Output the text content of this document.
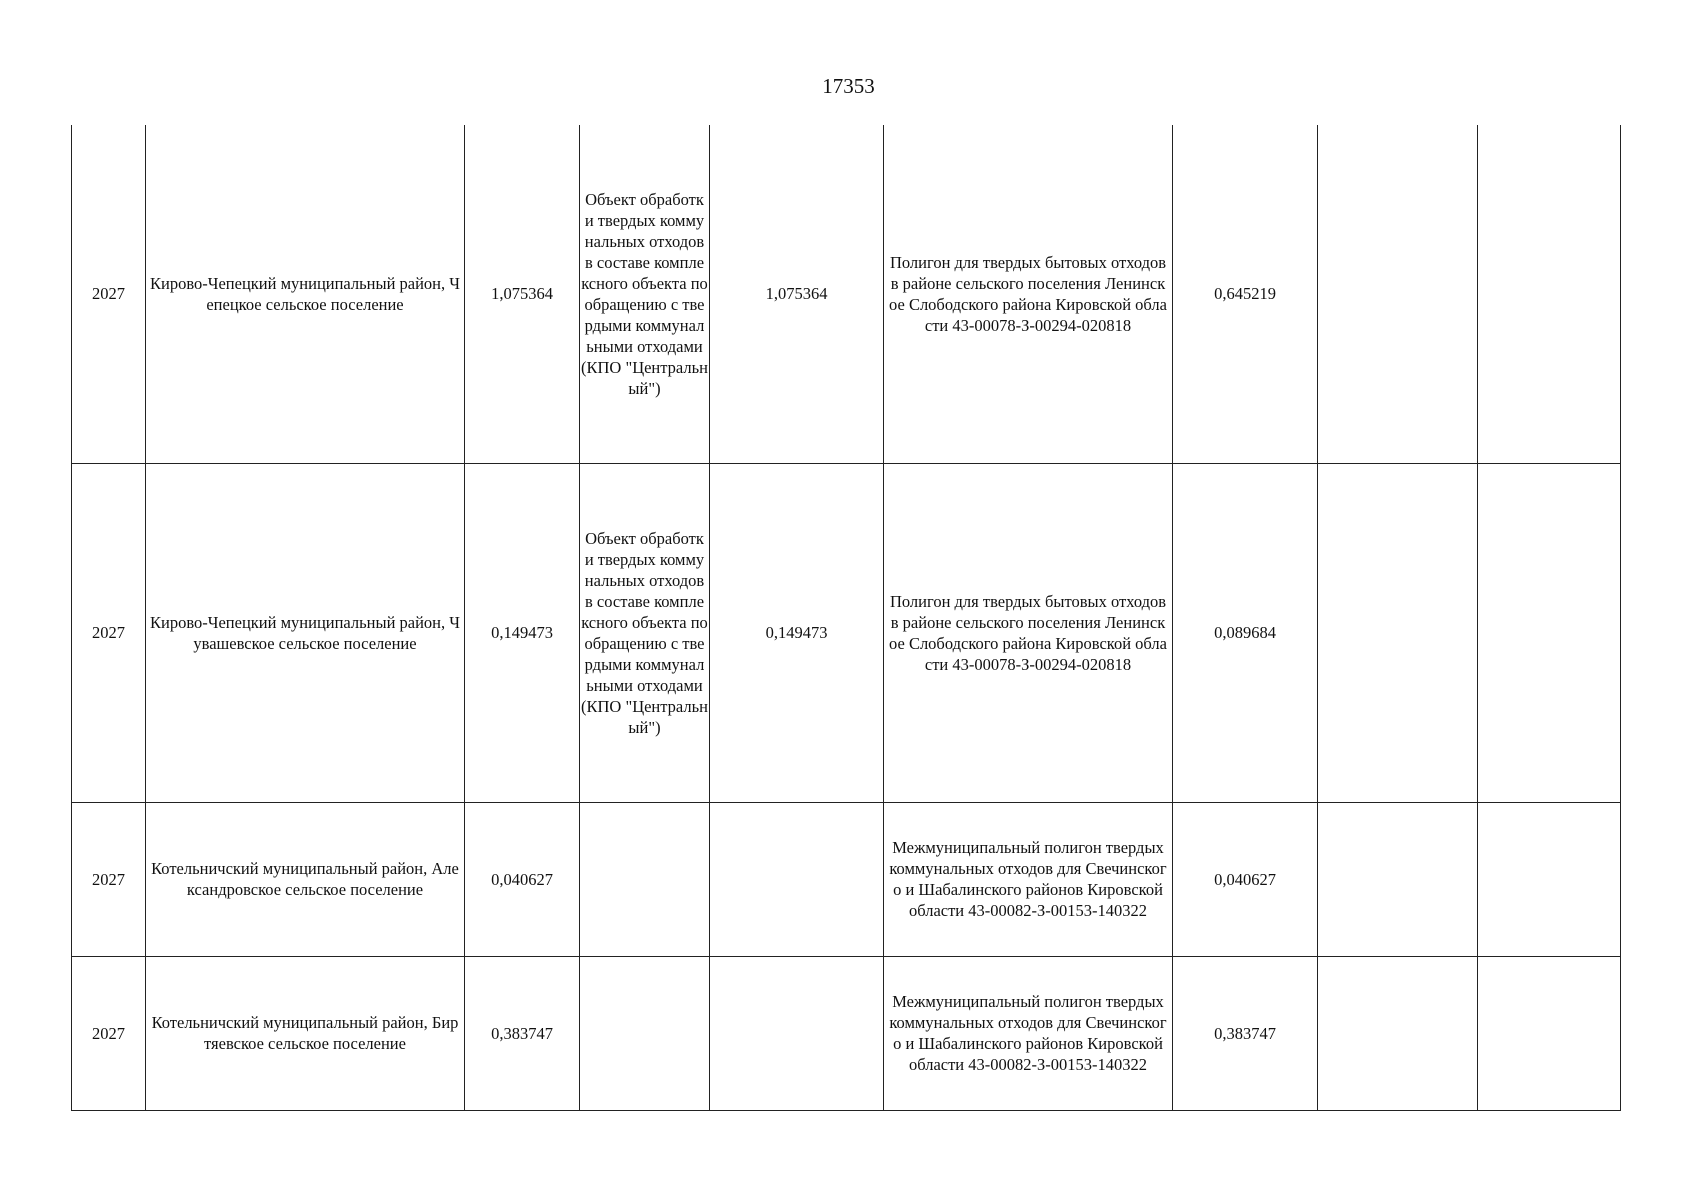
17353
2027	Кирово-Чепецкий муниципальный район, Чепецкое сельское поселение	1,075364	Объект обработки твердых коммунальных отходов в составе комплексного объекта по обращению с твердыми коммунальными отходами (КПО "Центральный")	1,075364	Полигон для твердых бытовых отходов в районе сельского поселения Ленинское Слободского района Кировской области 43-00078-З-00294-020818	0,645219		
2027	Кирово-Чепецкий муниципальный район, Чувашевское сельское поселение	0,149473	Объект обработки твердых коммунальных отходов в составе комплексного объекта по обращению с твердыми коммунальными отходами (КПО "Центральный")	0,149473	Полигон для твердых бытовых отходов в районе сельского поселения Ленинское Слободского района Кировской области 43-00078-З-00294-020818	0,089684		
2027	Котельничский муниципальный район, Александровское сельское поселение	0,040627			Межмуниципальный полигон твердых коммунальных отходов для Свечинского и Шабалинского районов Кировской области 43-00082-З-00153-140322	0,040627		
2027	Котельничский муниципальный район, Биртяевское сельское поселение	0,383747			Межмуниципальный полигон твердых коммунальных отходов для Свечинского и Шабалинского районов Кировской области 43-00082-З-00153-140322	0,383747		
